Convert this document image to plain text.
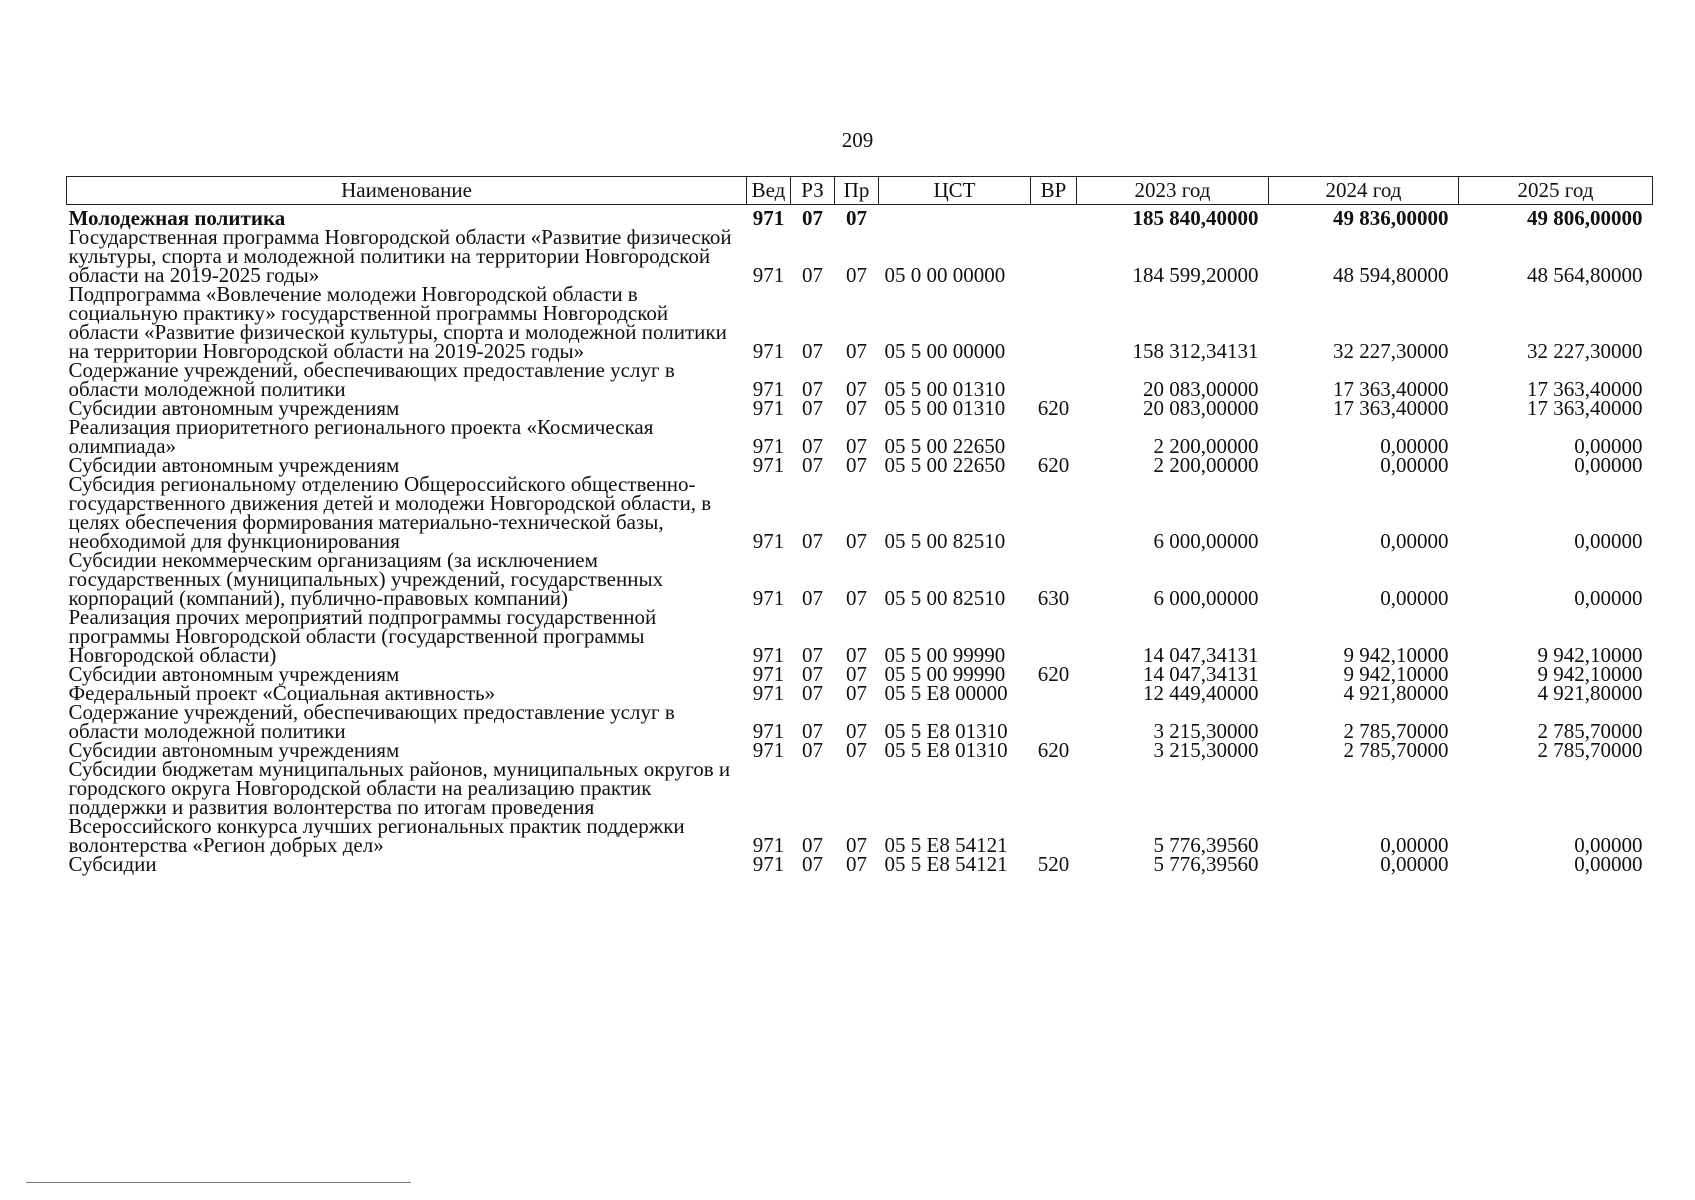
209
Наименование	Вед	РЗ	Пр	ЦСТ	ВР	2023 год	2024 год	2025 год
Молодежная политика	971	07	07			185 840,40000	49 836,00000	49 806,00000
Государственная программа Новгородской области «Развитие физической культуры, спорта и молодежной политики на территории Новгородской области на 2019-2025 годы»	971	07	07	05 0 00 00000		184 599,20000	48 594,80000	48 564,80000
Подпрограмма «Вовлечение молодежи Новгородской области в социальную практику» государственной программы Новгородской области «Развитие физической культуры, спорта и молодежной политики на территории Новгородской области на 2019-2025 годы»	971	07	07	05 5 00 00000		158 312,34131	32 227,30000	32 227,30000
Содержание учреждений, обеспечивающих предоставление услуг в области молодежной политики	971	07	07	05 5 00 01310		20 083,00000	17 363,40000	17 363,40000
Субсидии автономным учреждениям	971	07	07	05 5 00 01310	620	20 083,00000	17 363,40000	17 363,40000
Реализация приоритетного регионального проекта «Космическая олимпиада»	971	07	07	05 5 00 22650		2 200,00000	0,00000	0,00000
Субсидии автономным учреждениям	971	07	07	05 5 00 22650	620	2 200,00000	0,00000	0,00000
Субсидия региональному отделению Общероссийского общественно-государственного движения детей и молодежи Новгородской области, в целях обеспечения формирования материально-технической базы, необходимой для функционирования	971	07	07	05 5 00 82510		6 000,00000	0,00000	0,00000
Субсидии некоммерческим организациям (за исключением государственных (муниципальных) учреждений, государственных корпораций (компаний), публично-правовых компаний)	971	07	07	05 5 00 82510	630	6 000,00000	0,00000	0,00000
Реализация прочих мероприятий подпрограммы государственной программы Новгородской области (государственной программы Новгородской области)	971	07	07	05 5 00 99990		14 047,34131	9 942,10000	9 942,10000
Субсидии автономным учреждениям	971	07	07	05 5 00 99990	620	14 047,34131	9 942,10000	9 942,10000
Федеральный проект «Социальная активность»	971	07	07	05 5 E8 00000		12 449,40000	4 921,80000	4 921,80000
Содержание учреждений, обеспечивающих предоставление услуг в области молодежной политики	971	07	07	05 5 E8 01310		3 215,30000	2 785,70000	2 785,70000
Субсидии автономным учреждениям	971	07	07	05 5 E8 01310	620	3 215,30000	2 785,70000	2 785,70000
Субсидии бюджетам муниципальных районов, муниципальных округов и городского округа Новгородской области на реализацию практик поддержки и развития волонтерства по итогам проведения Всероссийского конкурса лучших региональных практик поддержки волонтерства «Регион добрых дел»	971	07	07	05 5 E8 54121		5 776,39560	0,00000	0,00000
Субсидии	971	07	07	05 5 E8 54121	520	5 776,39560	0,00000	0,00000
